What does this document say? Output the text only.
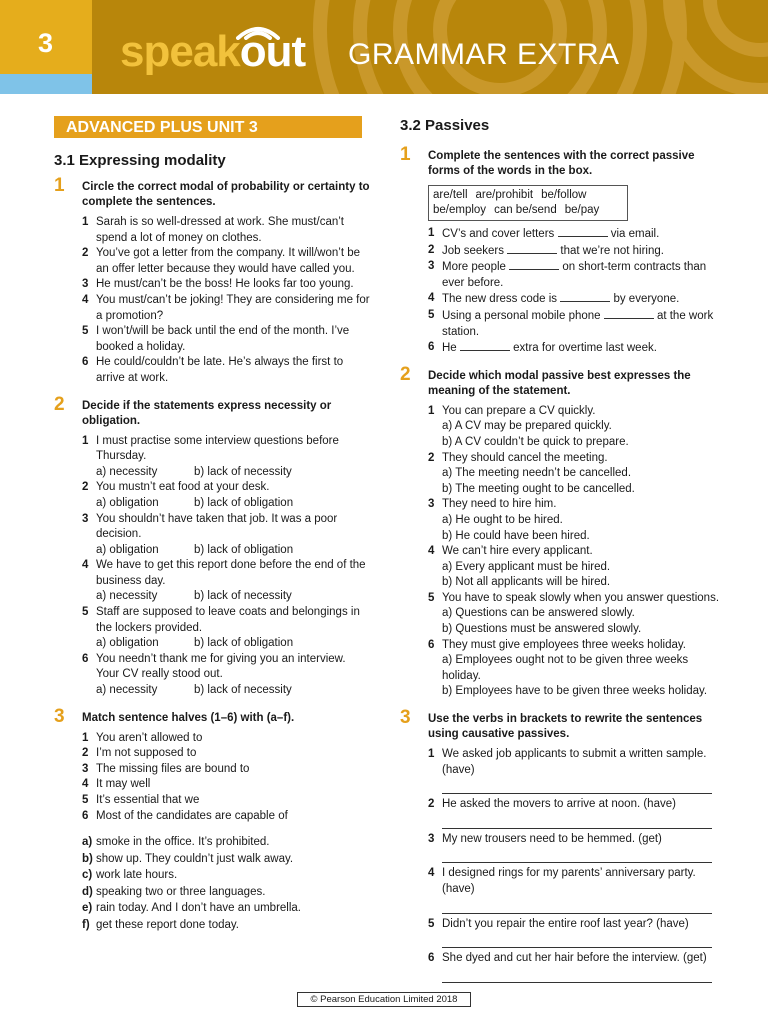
3 speakout GRAMMAR EXTRA
ADVANCED PLUS UNIT 3

3.1 Expressing modality

1 Circle the correct modal of probability or certainty to complete the sentences.
1 Sarah is so well-dressed at work. She must/can’t spend a lot of money on clothes.
2 You’ve got a letter from the company. It will/won’t be an offer letter because they would have called you.
3 He must/can’t be the boss! He looks far too young.
4 You must/can’t be joking! They are considering me for a promotion?
5 I won’t/will be back until the end of the month. I’ve booked a holiday.
6 He could/couldn’t be late. He’s always the first to arrive at work.
2 Decide if the statements express necessity or obligation.
1 I must practise some interview questions before Thursday.
a) necessity	b) lack of necessity
2 You mustn’t eat food at your desk.
a) obligation	b) lack of obligation
3 You shouldn’t have taken that job. It was a poor decision.
a) obligation	b) lack of obligation
4 We have to get this report done before the end of the business day.
a) necessity	b) lack of necessity
5 Staff are supposed to leave coats and belongings in the lockers provided.
a) obligation	b) lack of obligation
6 You needn’t thank me for giving you an interview. Your CV really stood out.
a) necessity	b) lack of necessity
3 Match sentence halves (1–6) with (a–f).
1 You aren’t allowed to
2 I’m not supposed to
3 The missing files are bound to
4 It may well
5 It’s essential that we
6 Most of the candidates are capable of
a) smoke in the office. It’s prohibited.
b) show up. They couldn’t just walk away.
c) work late hours.
d) speaking two or three languages.
e) rain today. And I don’t have an umbrella.
f) get these report done today.

3.2 Passives

1 Complete the sentences with the correct passive forms of the words in the box.
are/tell are/prohibit be/follow
be/employ can be/send be/pay
1 CV’s and cover letters	via email.
2 Job seekers	that we’re not hiring.
3 More people	on short-term contracts than ever before.
4 The new dress code is	by everyone.
5 Using a personal mobile phone	at the work station.
6 He	extra for overtime last week.
2 Decide which modal passive best expresses the meaning of the statement.
1 You can prepare a CV quickly.
a) A CV may be prepared quickly.
b) A CV couldn’t be quick to prepare.
2 They should cancel the meeting.
a) The meeting needn’t be cancelled.
b) The meeting ought to be cancelled.
3 They need to hire him.
a) He ought to be hired.
b) He could have been hired.
4 We can’t hire every applicant.
a) Every applicant must be hired.
b) Not all applicants will be hired.
5 You have to speak slowly when you answer questions.
a) Questions can be answered slowly.
b) Questions must be answered slowly.
6 They must give employees three weeks holiday.
a) Employees ought not to be given three weeks holiday.
b) Employees have to be given three weeks holiday.
3 Use the verbs in brackets to rewrite the sentences using causative passives.
1 We asked job applicants to submit a written sample. (have)
2 He asked the movers to arrive at noon. (have)
3 My new trousers need to be hemmed. (get)
4 I designed rings for my parents’ anniversary party. (have)
5 Didn’t you repair the entire roof last year? (have)
6 She dyed and cut her hair before the interview. (get)
© Pearson Education Limited 2018
